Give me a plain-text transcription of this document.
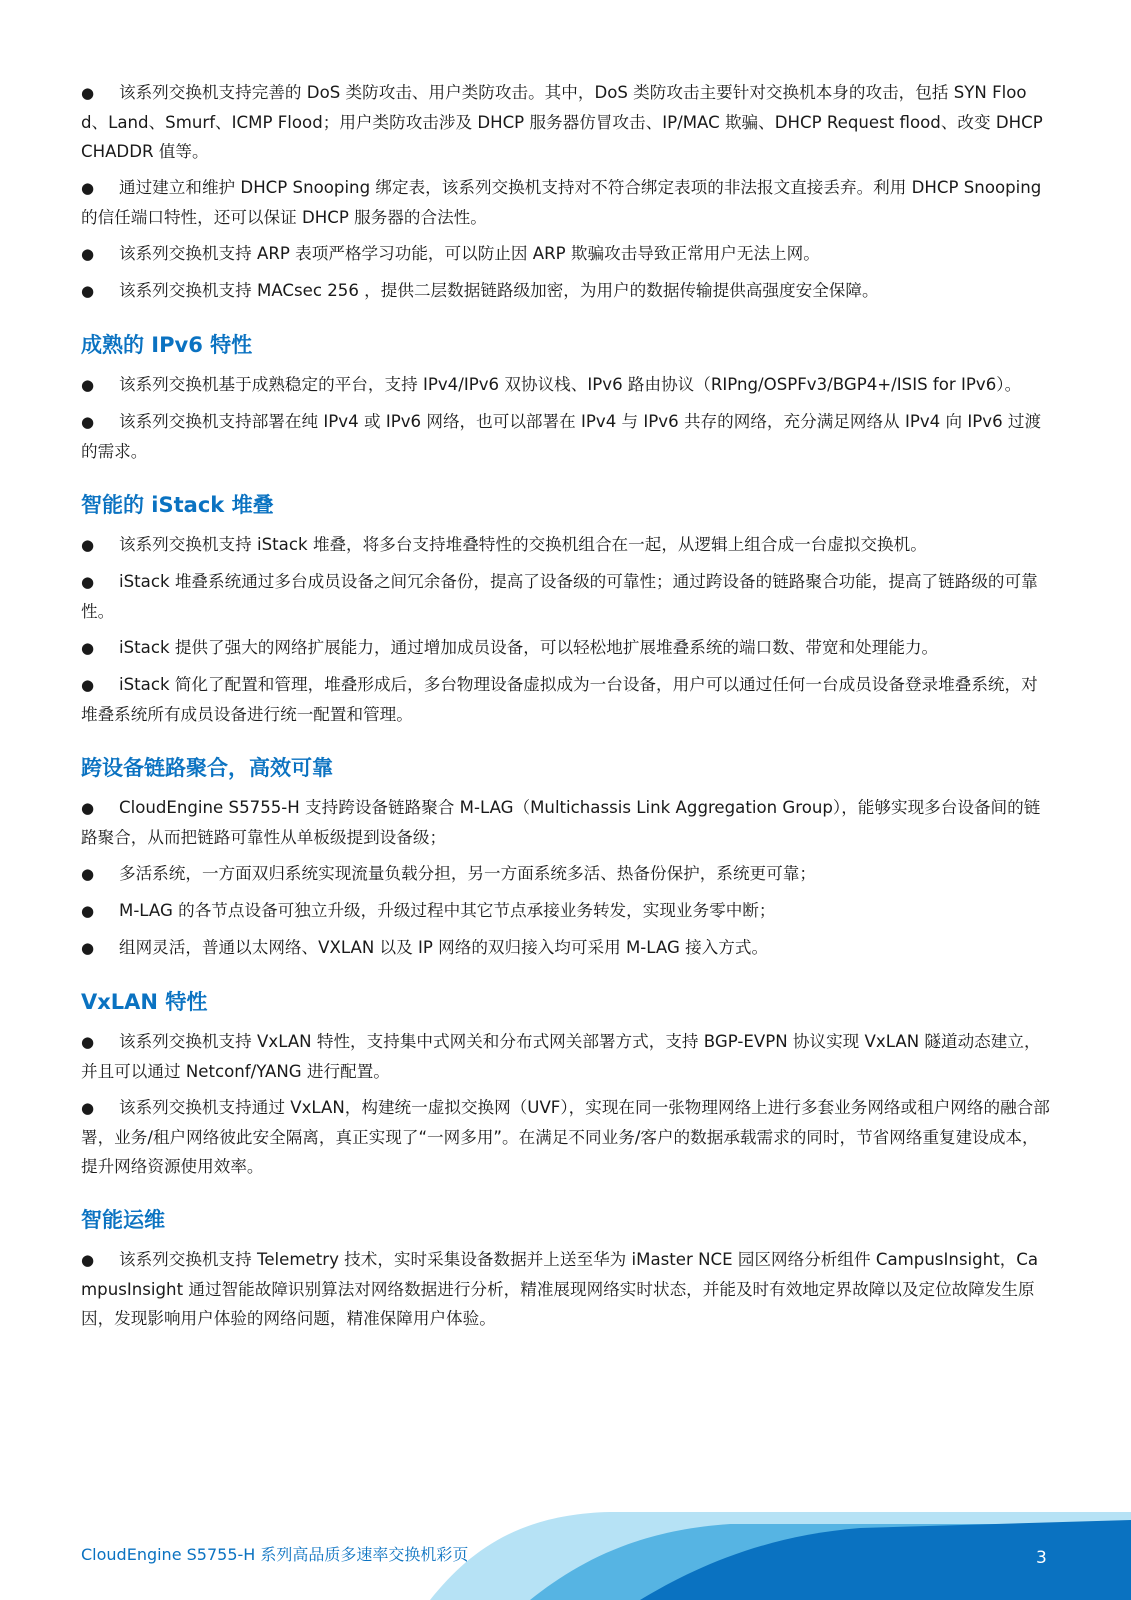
● 该系列交换机支持完善的 DoS 类防攻击、用户类防攻击。其中，DoS 类防攻击主要针对交换机本身的攻击，包括 SYN Flood、Land、Smurf、ICMP Flood；用户类防攻击涉及 DHCP 服务器仿冒攻击、IP/MAC 欺骗、DHCP Request flood、改变 DHCP CHADDR 值等。
● 通过建立和维护 DHCP Snooping 绑定表，该系列交换机支持对不符合绑定表项的非法报文直接丢弃。利用 DHCP Snooping 的信任端口特性，还可以保证 DHCP 服务器的合法性。
● 该系列交换机支持 ARP 表项严格学习功能，可以防止因 ARP 欺骗攻击导致正常用户无法上网。
● 该系列交换机支持 MACsec 256 ，提供二层数据链路级加密，为用户的数据传输提供高强度安全保障。
成熟的 IPv6 特性
● 该系列交换机基于成熟稳定的平台，支持 IPv4/IPv6 双协议栈、IPv6 路由协议（RIPng/OSPFv3/BGP4+/ISIS for IPv6）。
● 该系列交换机支持部署在纯 IPv4 或 IPv6 网络，也可以部署在 IPv4 与 IPv6 共存的网络，充分满足网络从 IPv4 向 IPv6 过渡的需求。
智能的 iStack 堆叠
● 该系列交换机支持 iStack 堆叠，将多台支持堆叠特性的交换机组合在一起，从逻辑上组合成一台虚拟交换机。
● iStack 堆叠系统通过多台成员设备之间冗余备份，提高了设备级的可靠性；通过跨设备的链路聚合功能，提高了链路级的可靠性。
● iStack 提供了强大的网络扩展能力，通过增加成员设备，可以轻松地扩展堆叠系统的端口数、带宽和处理能力。
● iStack 简化了配置和管理，堆叠形成后，多台物理设备虚拟成为一台设备，用户可以通过任何一台成员设备登录堆叠系统，对堆叠系统所有成员设备进行统一配置和管理。
跨设备链路聚合，高效可靠
● CloudEngine S5755-H 支持跨设备链路聚合 M-LAG（Multichassis Link Aggregation Group），能够实现多台设备间的链路聚合，从而把链路可靠性从单板级提到设备级；
● 多活系统，一方面双归系统实现流量负载分担，另一方面系统多活、热备份保护，系统更可靠；
● M-LAG 的各节点设备可独立升级，升级过程中其它节点承接业务转发，实现业务零中断；
● 组网灵活，普通以太网络、VXLAN 以及 IP 网络的双归接入均可采用 M-LAG 接入方式。
VxLAN 特性
● 该系列交换机支持 VxLAN 特性，支持集中式网关和分布式网关部署方式，支持 BGP-EVPN 协议实现 VxLAN 隧道动态建立，并且可以通过 Netconf/YANG 进行配置。
● 该系列交换机支持通过 VxLAN，构建统一虚拟交换网（UVF），实现在同一张物理网络上进行多套业务网络或租户网络的融合部署，业务/租户网络彼此安全隔离，真正实现了“一网多用”。在满足不同业务/客户的数据承载需求的同时，节省网络重复建设成本，提升网络资源使用效率。
智能运维
● 该系列交换机支持 Telemetry 技术，实时采集设备数据并上送至华为 iMaster NCE 园区网络分析组件 CampusInsight，CampusInsight 通过智能故障识别算法对网络数据进行分析，精准展现网络实时状态，并能及时有效地定界故障以及定位故障发生原因，发现影响用户体验的网络问题，精准保障用户体验。
CloudEngine S5755-H 系列高品质多速率交换机彩页	3
